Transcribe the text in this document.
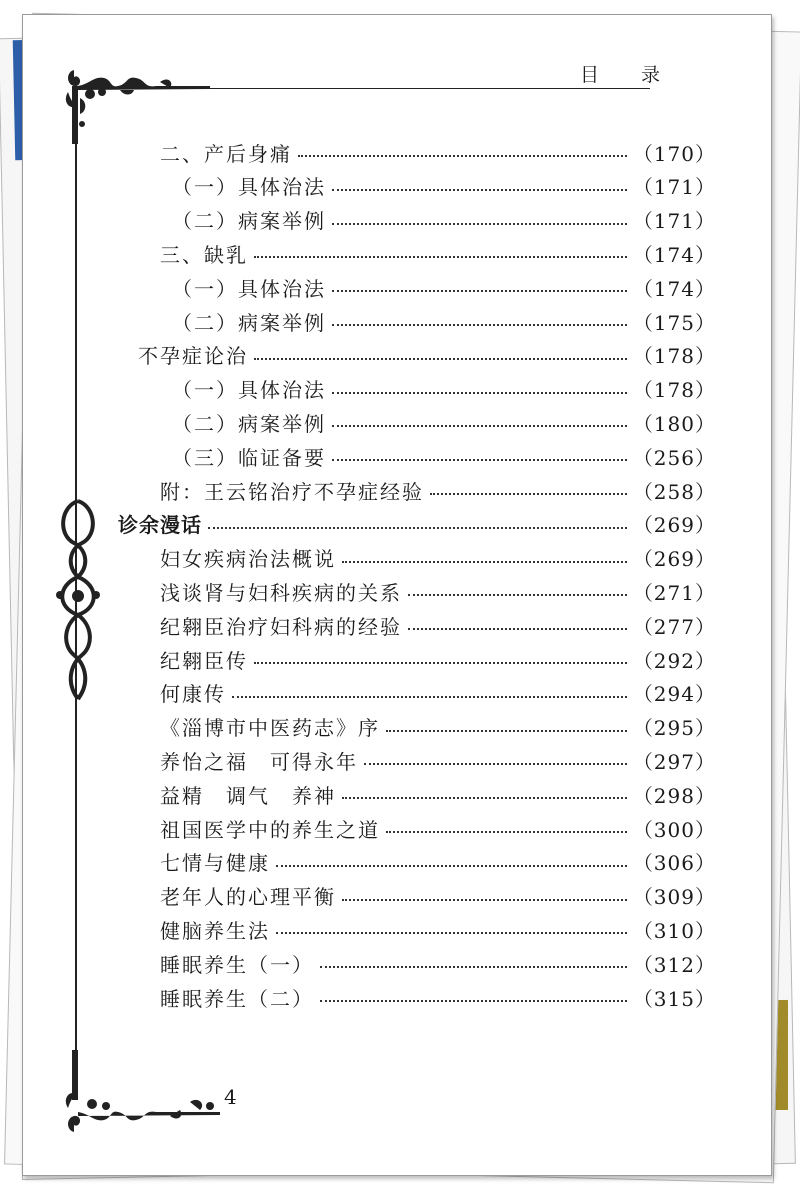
目 录
二、产后身痛	（170）
（一）具体治法	（171）
（二）病案举例	（171）
三、缺乳	（174）
（一）具体治法	（174）
（二）病案举例	（175）
不孕症论治	（178）
（一）具体治法	（178）
（二）病案举例	（180）
（三）临证备要	（256）
附：王云铭治疗不孕症经验	（258）
诊余漫话	（269）
妇女疾病治法概说	（269）
浅谈肾与妇科疾病的关系	（271）
纪翱臣治疗妇科病的经验	（277）
纪翱臣传	（292）
何康传	（294）
《淄博市中医药志》序	（295）
养怡之福　可得永年	（297）
益精　调气　养神	（298）
祖国医学中的养生之道	（300）
七情与健康	（306）
老年人的心理平衡	（309）
健脑养生法	（310）
睡眠养生（一）	（312）
睡眠养生（二）	（315）
4
